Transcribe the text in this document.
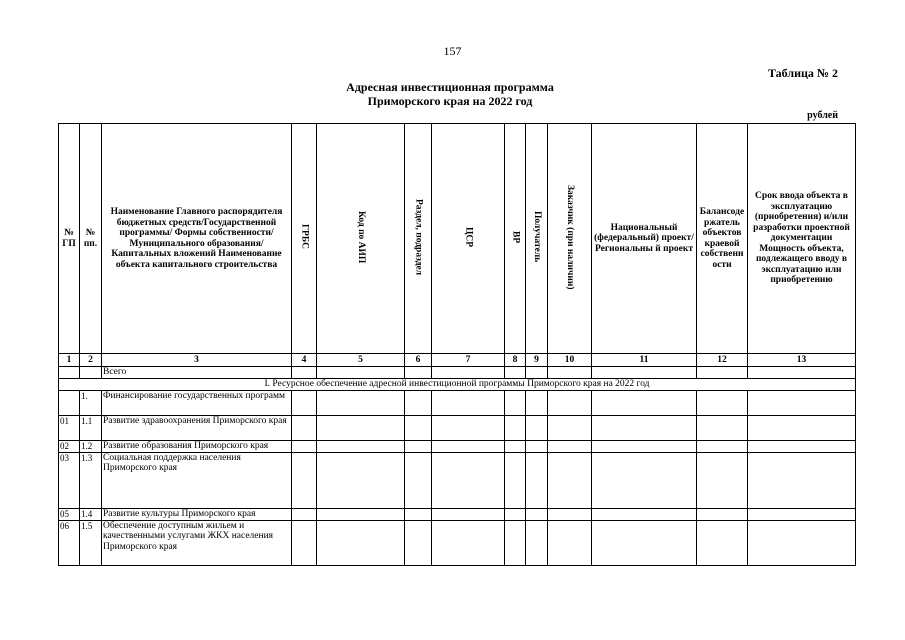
157
Таблица № 2
Адресная инвестиционная программа
Приморского края на 2022 год
рублей
№ ГП	№ пп.	Наименование Главного распорядителя бюджетных средств/Государственной программы/ Формы собственности/Муниципального образования/Капитальных вложений Наименование объекта капитального строительства	ГРБС	Код по АИП	Раздел, подраздел	ЦСР	ВР	Получатель	Заказчик (при наличии)	Национальный (федеральный) проект/Региональны й проект	Балансоде ржатель объектов краевой собственн ости	Срок ввода объекта в эксплуатацию (приобретения) и/или разработки проектной документации Мощность объекта, подлежащего вводу в эксплуатацию или приобретению
1	2	3	4	5	6	7	8	9	10	11	12	13
		Всего										
I. Ресурсное обеспечение адресной инвестиционной программы Приморского края на 2022 год												
	1.	Финансирование государственных программ										
01	1.1	Развитие здравоохранения Приморского края										
02	1.2	Развитие образования Приморского края										
03	1.3	Социальная поддержка населения Приморского края										
05	1.4	Развитие культуры Приморского края										
06	1.5	Обеспечение доступным жильем и качественными услугами ЖКХ населения Приморского края										
